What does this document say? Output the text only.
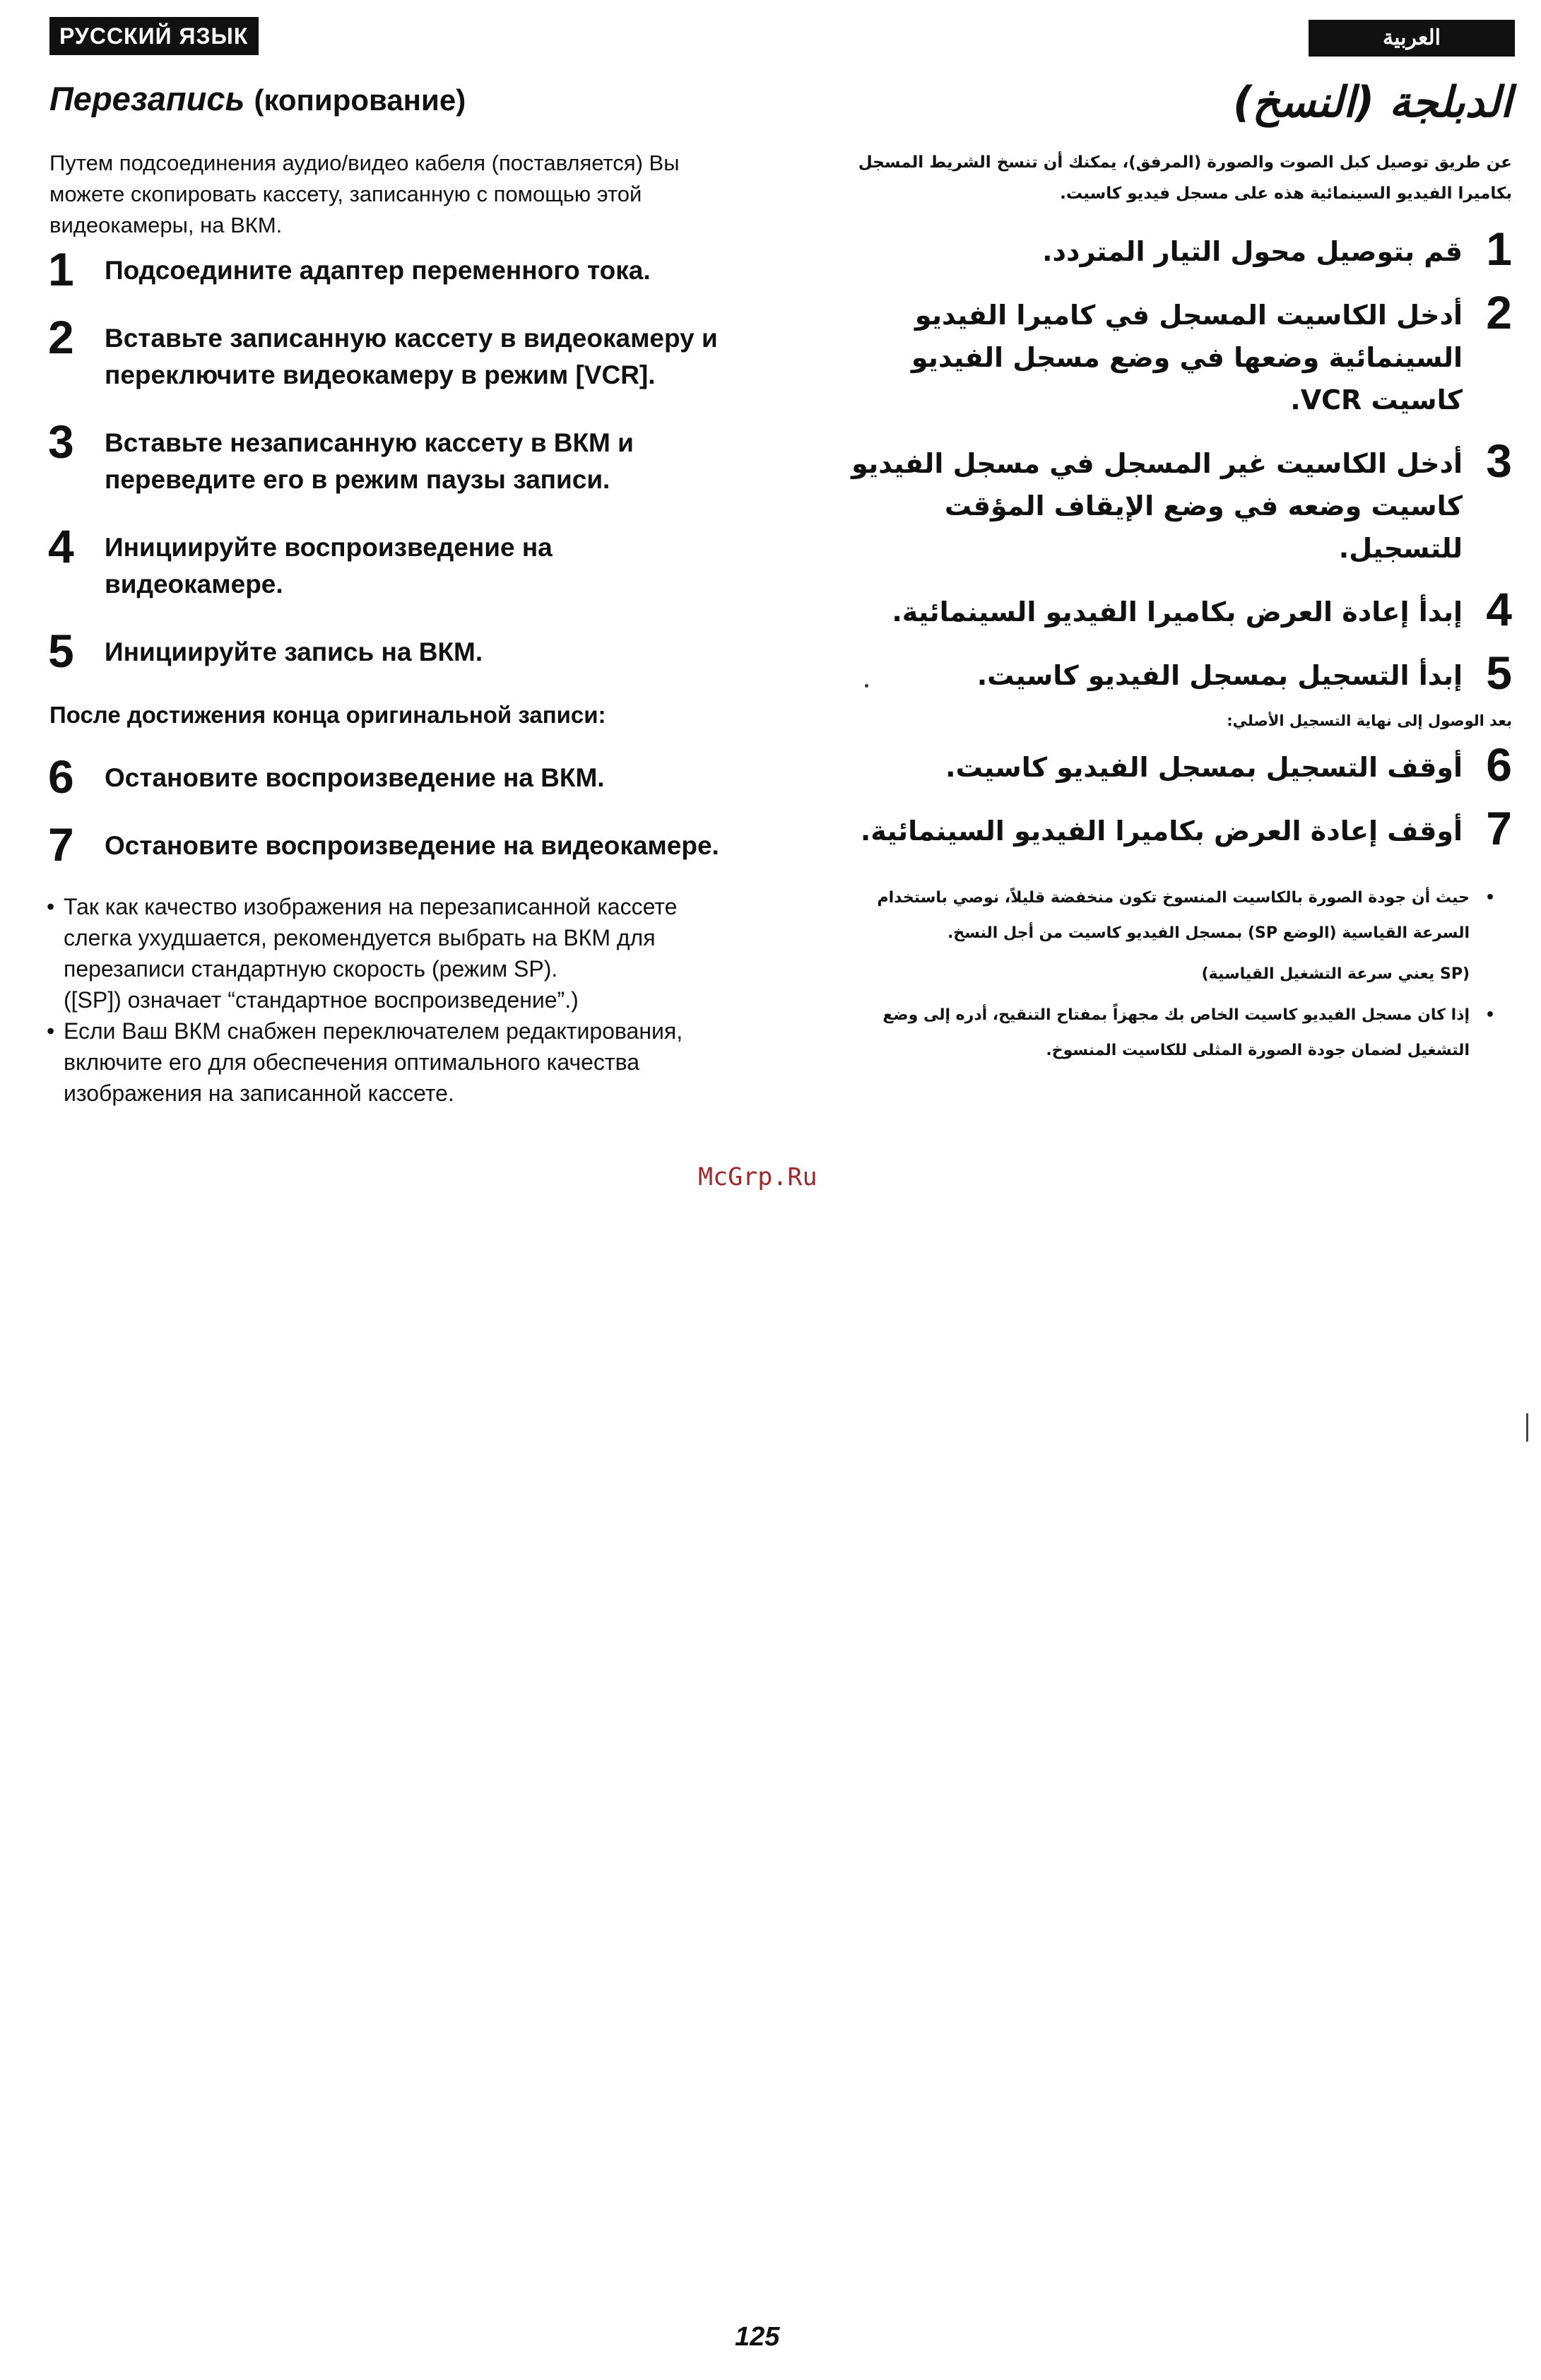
РУССКИЙ ЯЗЫК	العربية
Перезапись (копирование)

Путем подсоединения аудио/видео кабеля (поставляется) Вы можете скопировать кассету, записанную с помощью этой видеокамеры, на ВКМ.

1 Подсоедините адаптер переменного тока.
2 Вставьте записанную кассету в видеокамеру и переключите видеокамеру в режим [VCR].
3 Вставьте незаписанную кассету в ВКМ и переведите его в режим паузы записи.
4 Инициируйте воспроизведение на видеокамере.
5 Инициируйте запись на ВКМ.

После достижения конца оригинальной записи:

6 Остановите воспроизведение на ВКМ.
7 Остановите воспроизведение на видеокамере.
• Так как качество изображения на перезаписанной кассете слегка ухудшается, рекомендуется выбрать на ВКМ для перезаписи стандартную скорость (режим SP).
([SP]) означает “стандартное воспроизведение”.)
• Если Ваш ВКМ снабжен переключателем редактирования, включите его для обеспечения оптимального качества изображения на записанной кассете.
الدبلجة (النسخ)

عن طريق توصيل كبل الصوت والصورة (المرفق)، يمكنك أن تنسخ الشريط المسجل بكاميرا الفيديو السينمائية هذه على مسجل فيديو كاسيت.

1
قم بتوصيل محول التيار المتردد.
2
أدخل الكاسيت المسجل في كاميرا الفيديو السينمائية وضعها في وضع مسجل الفيديو كاسيت VCR.
3
أدخل الكاسيت غير المسجل في مسجل الفيديو كاسيت وضعه في وضع الإيقاف المؤقت للتسجيل.
4
إبدأ إعادة العرض بكاميرا الفيديو السينمائية.
5
إبدأ التسجيل بمسجل الفيديو كاسيت.

بعد الوصول إلى نهاية التسجيل الأصلي:

6
أوقف التسجيل بمسجل الفيديو كاسيت.
7
أوقف إعادة العرض بكاميرا الفيديو السينمائية.
•
حيث أن جودة الصورة بالكاسيت المنسوخ تكون منخفضة قليلاً، نوصي باستخدام السرعة القياسية (الوضع SP) بمسجل الفيديو كاسيت من أجل النسخ.
(SP يعني سرعة التشغيل القياسية)
•
إذا كان مسجل الفيديو كاسيت الخاص بك مجهزاً بمفتاح التنقيح، أدره إلى وضع التشغيل لضمان جودة الصورة المثلى للكاسيت المنسوخ.
McGrp.Ru
125
